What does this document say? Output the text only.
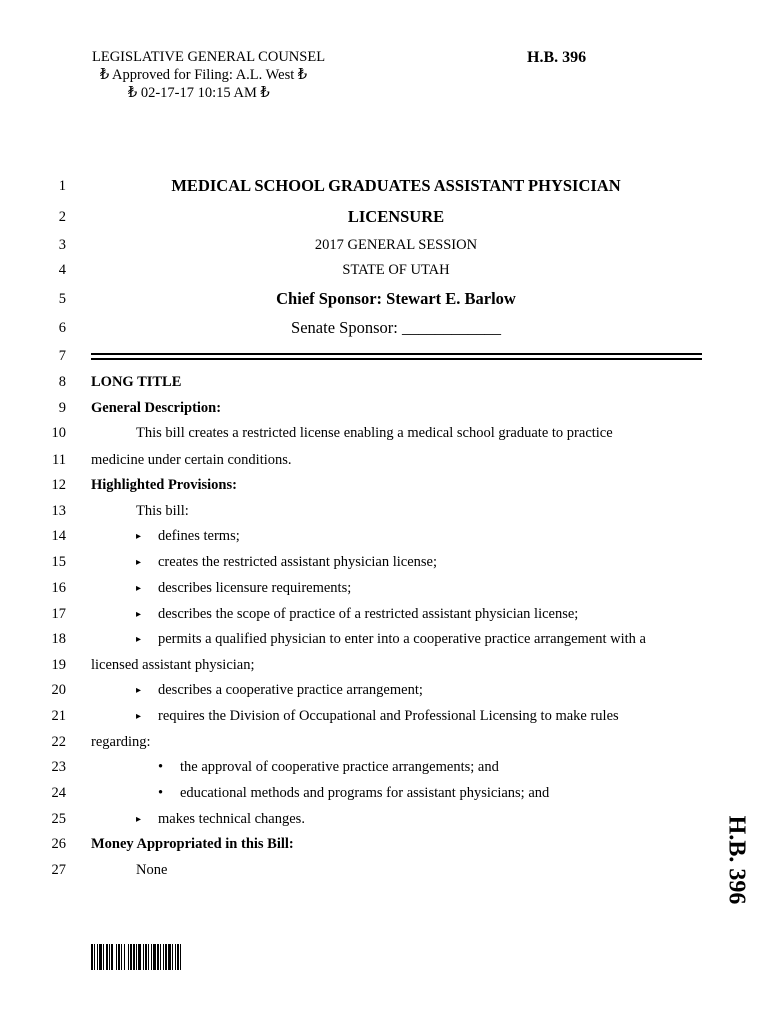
LEGISLATIVE GENERAL COUNSEL
₺ Approved for Filing: A.L. West ₺
₺ 02-17-17 10:15 AM ₺
H.B. 396
1	MEDICAL SCHOOL GRADUATES ASSISTANT PHYSICIAN
2	LICENSURE
3	2017 GENERAL SESSION
4	STATE OF UTAH
5	Chief Sponsor: Stewart E. Barlow
6	Senate Sponsor: ____________
7
8 LONG TITLE
9 General Description:
10	This bill creates a restricted license enabling a medical school graduate to practice
11 medicine under certain conditions.
12 Highlighted Provisions:
13	This bill:
14	▸ defines terms;
15	▸ creates the restricted assistant physician license;
16	▸ describes licensure requirements;
17	▸ describes the scope of practice of a restricted assistant physician license;
18	▸ permits a qualified physician to enter into a cooperative practice arrangement with a
19 licensed assistant physician;
20	▸ describes a cooperative practice arrangement;
21	▸ requires the Division of Occupational and Professional Licensing to make rules
22 regarding:
23	• the approval of cooperative practice arrangements; and
24	• educational methods and programs for assistant physicians; and
25	▸ makes technical changes.
26 Money Appropriated in this Bill:
27	None	H.B. 396
